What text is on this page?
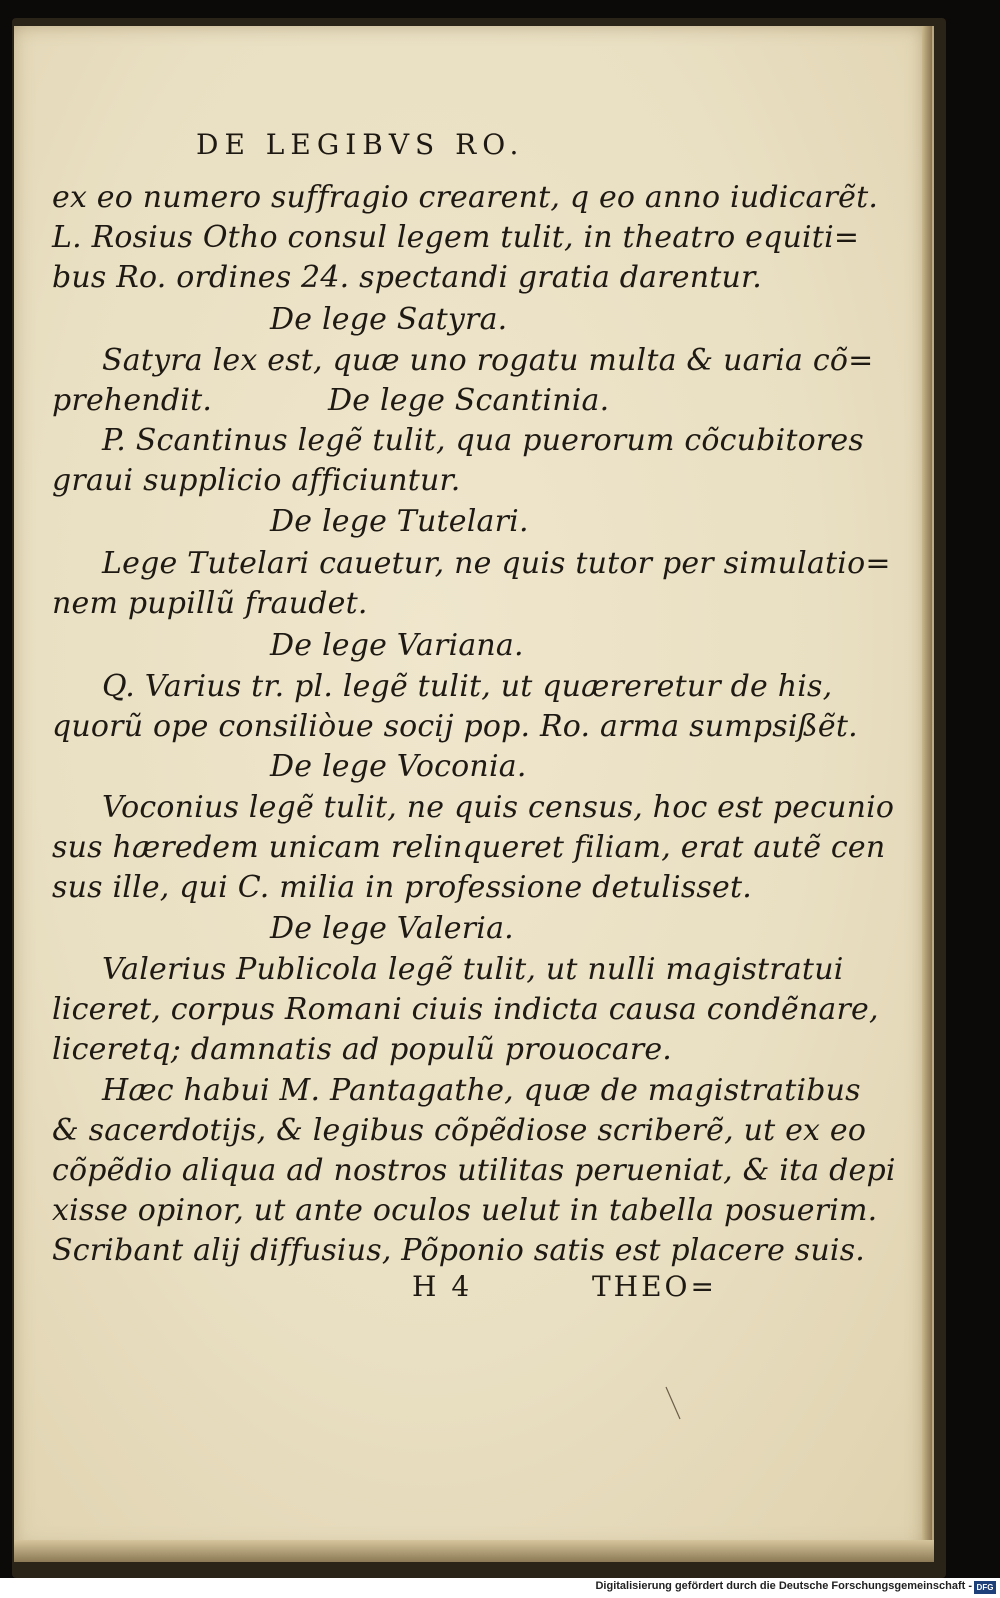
DE LEGIBVS RO.
ex eo numero suffragio crearent, q eo anno iudicarẽt.
L. Rosius Otho consul legem tulit, in theatro equiti=
bus Ro. ordines 24. spectandi gratia darentur.
De lege Satyra.
Satyra lex est, quæ uno rogatu multa & uaria cõ=
prehendit.	De lege Scantinia.
P. Scantinus legẽ tulit, qua puerorum cõcubitores
graui supplicio afficiuntur.
De lege Tutelari.
Lege Tutelari cauetur, ne quis tutor per simulatio=
nem pupillũ fraudet.
De lege Variana.
Q. Varius tr. pl. legẽ tulit, ut quæreretur de his,
quorũ ope consiliòue socij pop. Ro. arma sumpsißẽt.
De lege Voconia.
Voconius legẽ tulit, ne quis census, hoc est pecunio
sus hæredem unicam relinqueret filiam, erat autẽ cen
sus ille, qui C. milia in professione detulisset.
De lege Valeria.
Valerius Publicola legẽ tulit, ut nulli magistratui
liceret, corpus Romani ciuis indicta causa condẽnare,
liceretq; damnatis ad populũ prouocare.
Hæc habui M. Pantagathe, quæ de magistratibus
& sacerdotijs, & legibus cõpẽdiose scriberẽ, ut ex eo
cõpẽdio aliqua ad nostros utilitas perueniat, & ita depi
xisse opinor, ut ante oculos uelut in tabella posuerim.
Scribant alij diffusius, Põponio satis est placere suis.
H 4	THEO=
Digitalisierung gefördert durch die Deutsche Forschungsgemeinschaft - DFG
